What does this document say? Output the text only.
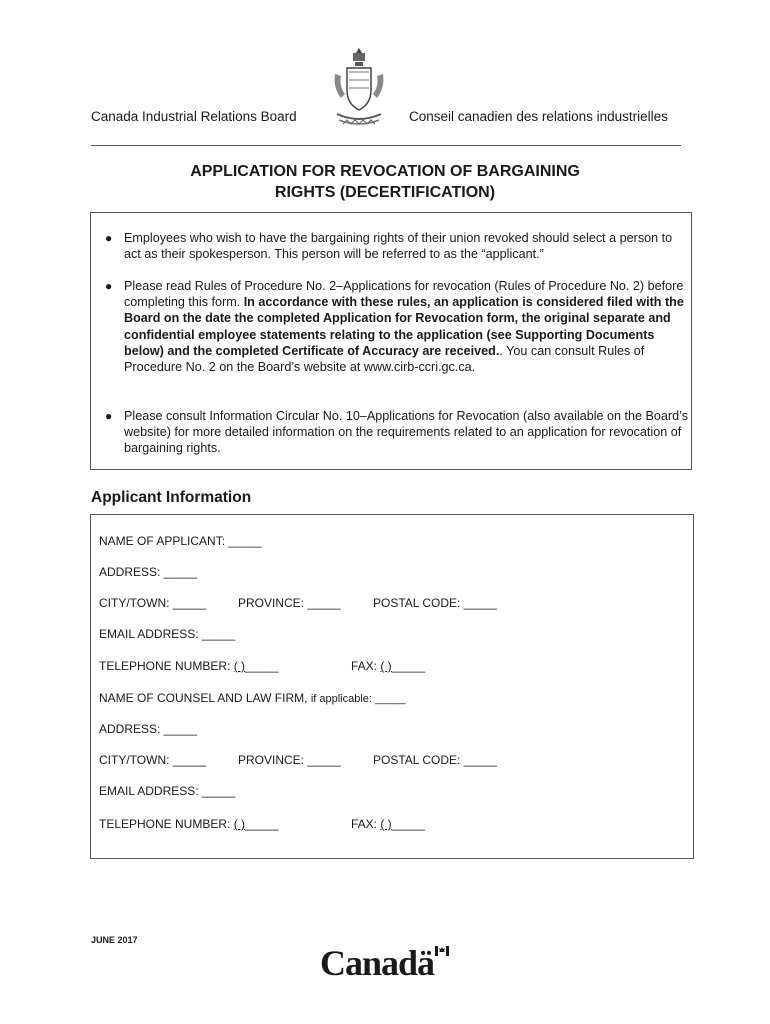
Canada Industrial Relations Board	Conseil canadien des relations industrielles
APPLICATION FOR REVOCATION OF BARGAINING
RIGHTS (DECERTIFICATION)
● Employees who wish to have the bargaining rights of their union revoked should select a person to act as their spokesperson. This person will be referred to as the “applicant.”
● Please read Rules of Procedure No. 2–Applications for revocation (Rules of Procedure No. 2) before completing this form. In accordance with these rules, an application is considered filed with the Board on the date the completed Application for Revocation form, the original separate and confidential employee statements relating to the application (see Supporting Documents below) and the completed Certificate of Accuracy are received.. You can consult Rules of Procedure No. 2 on the Board’s website at www.cirb-ccri.gc.ca.
● Please consult Information Circular No. 10–Applications for Revocation (also available on the Board’s website) for more detailed information on the requirements related to an application for revocation of bargaining rights.
Applicant Information
NAME OF APPLICANT: _____
ADDRESS: _____
CITY/TOWN: _____	PROVINCE: _____	POSTAL CODE: _____
EMAIL ADDRESS: _____
TELEPHONE NUMBER: ( )_____	FAX: ( )_____
NAME OF COUNSEL AND LAW FIRM, if applicable: _____
ADDRESS: _____
CITY/TOWN: _____	PROVINCE: _____	POSTAL CODE: _____
EMAIL ADDRESS: _____
TELEPHONE NUMBER: ( )_____	FAX: ( )_____
JUNE 2017
Canadä
